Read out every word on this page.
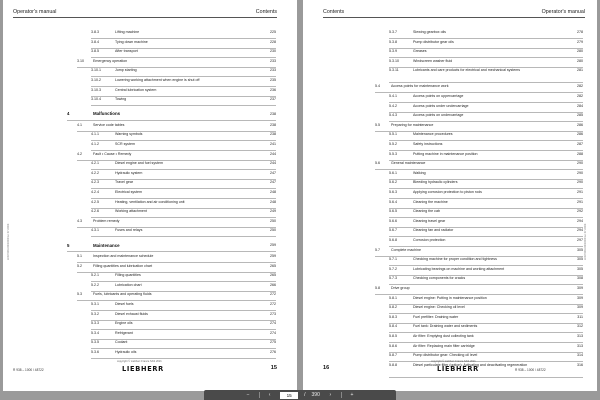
Operator's manual	Contents
3.8.3	Lifting machine	225
3.8.4	Tying down machine	228
3.8.5	After transport	230
3.10	Emergency operation	233
3.10.1	Jump starting	233
3.10.2	Lowering working attachment when engine is shut off	235
3.10.3	Central lubrication system	236
3.10.4	Towing	237
4	Malfunctions	238
4.1	Service code tables	238
4.1.1	Warning symbols	238
4.1.2	SCR system	241
4.2	Fault • Cause • Remedy	244
4.2.1	Diesel engine and fuel system	244
4.2.2	Hydraulic system	247
4.2.3	Travel gear	247
4.2.4	Electrical system	248
4.2.5	Heating, ventilation and air conditioning unit	248
4.2.6	Working attachment	249
4.3	Problem remedy	250
4.3.1	Fuses and relays	250
5	Maintenance	259
5.1	Inspection and maintenance schedule	259
5.2	Filling quantities and lubrication chart	265
5.2.1	Filling quantities	265
5.2.2	Lubrication chart	266
5.3	Fuels, lubricants and operating fluids	272
5.3.1	Diesel fuels	272
5.3.2	Diesel exhaust fluids	273
5.3.3	Engine oils	274
5.3.4	Refrigerant	274
5.3.5	Coolant	275
5.3.6	Hydraulic oils	276
LFR/7/09-0001/0001-n:07-0003
copyright © Liebherr-France SAS 2021
R 938 – 1000 / 48722	LIEBHERR	15
Contents	Operator's manual
5.3.7	Slewing gearbox oils	278
5.3.8	Pump distributor gear oils	279
5.3.9	Greases	280
5.3.10	Windscreen washer fluid	280
5.3.11	Lubricants and care products for electrical and mechanical systems	281
5.4	Access points for maintenance work	282
5.4.1	Access points on uppercarriage	282
5.4.2	Access points under undercarriage	284
5.4.3	Access points on undercarriage	285
5.5	Preparing for maintenance	286
5.5.1	Maintenance procedures	286
5.5.2	Safety instructions	287
5.5.3	Putting machine in maintenance position	288
5.6	General maintenance	290
5.6.1	Walking	290
5.6.2	Bleeding hydraulic cylinders	290
5.6.3	Applying corrosion protection to piston rods	291
5.6.4	Cleaning the machine	291
5.6.5	Cleaning the cab	292
5.6.6	Cleaning travel gear	294
5.6.7	Cleaning fan and radiator	294
5.6.8	Corrosion protection	297
5.7	Complete machine	305
5.7.1	Checking machine for proper condition and tightness	305
5.7.2	Lubricating bearings on machine and working attachment	305
5.7.3	Checking components for cracks	308
5.8	Drive group	309
5.8.1	Diesel engine: Putting in maintenance position	309
5.8.2	Diesel engine: Checking oil level	309
5.8.3	Fuel prefilter: Draining water	311
5.8.4	Fuel tank: Draining water and sediments	312
5.8.5	Air filter: Emptying dust collecting tank	313
5.8.6	Air filter: Replacing main filter cartridge	313
5.8.7	Pump distributor gear: Checking oil level	314
5.8.8	Diesel particulate filter (option): Activating and deactivating regeneration	316
LFR/7/09-0001/0001-n:07-0003
copyright © Liebherr-France SAS 2021
16	LIEBHERR	R 938 – 1000 / 48722
−	‹
15	/ 390 ›	+
